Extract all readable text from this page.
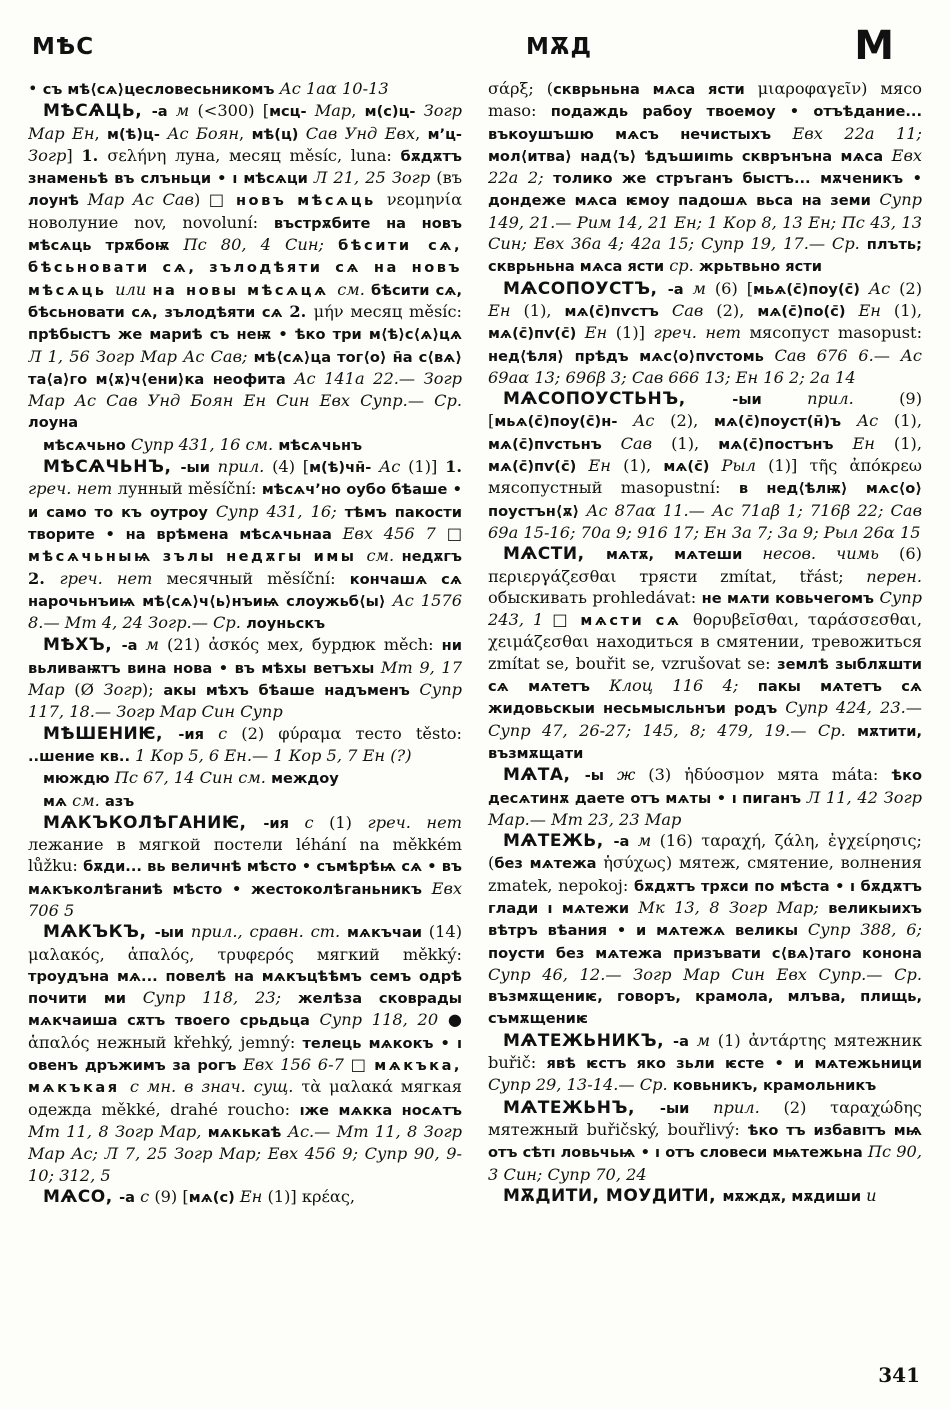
МѢС	МѪД	М

• съ мѣ⟨сѧ⟩цесловесьникомъ Ас 1аα 10-13

МѢСѦЦЬ, -а м (<300) [мсц- Мар, м(с)ц- Зогр Мар Ен, м(ѣ)ц- Ас Боян, мѣ(ц) Сав Унд Евх, м’ц- Зогр] 1. σελήνη луна, месяц měsíc, luna: бѫдѫтъ знаменьѣ въ слъньци • ı мѣсѧци Л 21, 25 Зогр (въ лоунѣ Мар Ас Сав) □ новъ мѣсѧць νεομηνία новолуние nov, novoluní: въстрѫбите на новъ мѣсѧць трѫбоѭ Пс 80, 4 Син; бѣсити сѧ, бѣсьновати сѧ, зълодѣяти сѧ на новъ мѣсѧць или на новы мѣсѧцѧ см. бѣсити сѧ, бѣсьновати сѧ, зълодѣяти сѧ 2. μήν месяц měsíc: прѣбыстъ же мариѣ съ неѭ • ѣко три м⟨ѣ⟩с⟨ѧ⟩цѧ Л 1, 56 Зогр Мар Ас Сав; мѣ⟨сѧ⟩ца тог⟨о⟩ н̄а с⟨вѧ⟩та⟨а⟩го м⟨ѫ⟩ч⟨ени⟩ка неофита Ас 141а 22.— Зогр Мар Ас Сав Унд Боян Ен Син Евх Супр.— Ср. лоуна

мѣсѧчьно Супр 431, 16 см. мѣсѧчьнъ

МѢСѦЧЬНЪ, -ыи прил. (4) [м(ѣ)чн̄- Ас (1)] 1. греч. нет лунный měsíční: мѣсѧч’но оубо бѣаше • и само то къ оутроу Супр 431, 16; тѣмъ пакости творите • на врѣмена мѣсѧчьнаа Евх 456 7 □ мѣсѧчьныѩ зълы недѫгы имы см. недѫгъ 2. греч. нет месячный měsíční: кончашѧ сѧ нарочьнъиѩ мѣ⟨сѧ⟩ч⟨ь⟩нъиѩ слоужьб⟨ы⟩ Ас 1576 8.— Мт 4, 24 Зогр.— Ср. лоуньскъ

МѢХЪ, -а м (21) ἀσκός мех, бурдюк měch: ни вьливаѭтъ вина нова • въ мѣхы ветъхы Мт 9, 17 Мар (Ø Зогр); акы мѣхъ бѣаше надъменъ Супр 117, 18.— Зогр Мар Син Супр

МѢШЕНИѤ, -ия с (2) φύραμα тесто těsto: ..шение кв.. 1 Кор 5, 6 Ен.— 1 Кор 5, 7 Ен (?)

мюждю Пс 67, 14 Син см. междоу

мѧ см. азъ

МѦКЪКОЛѢГАНИѤ, -ия с (1) греч. нет лежание в мягкой постели léhání na měkkém lůžku: бѫди... вь величнѣ мѣсто • съмѣрѣѩ сѧ • въ мѧкъколѣганиѣ мѣсто • жестоколѣганьникъ Евх 706 5

МѦКЪКЪ, -ыи прил., сравн. ст. мѧкъчаи (14) μαλακός, ἁπαλός, τρυφερός мягкий měkký: троудъна мѧ... повелѣ на мѧкъцѣѣмъ семъ одрѣ почити ми Супр 118, 23; желѣза сковрады мѧкчаиша сѫтъ твоего срьдьца Супр 118, 20 ● ἁπαλός нежный křehký, jemný: телець мѧкокъ • ı овенъ дръжимъ за рогъ Евх 156 6-7 □ мѧкъка, мѧкъкая с мн. в знач. сущ. τὰ μαλακά мягкая одежда měkké, drahé roucho: ıже мѧкка носѧтъ Мт 11, 8 Зогр Мар, мѧкькаѣ Ас.— Мт 11, 8 Зогр Мар Ас; Л 7, 25 Зогр Мар; Евх 456 9; Супр 90, 9-10; 312, 5

МѦСО, -а с (9) [мѧ(с) Ен (1)] κρέας,

σάρξ; (скврьньна мѧса ясти μιαροφαγεῖν) мясо maso: подаждь рабоу твоемоу • отъѣдание... въкоушъшю мѧсъ нечистыхъ Евх 22а 11; мол⟨итва⟩ над⟨ъ⟩ ѣдъшиımь скврънъна мѧса Евх 22а 2; толико же стръганъ быстъ... мѫченикъ • дондеже мѧса ѥмоу падошѧ вьса на земи Супр 149, 21.— Рим 14, 21 Ен; 1 Кор 8, 13 Ен; Пс 43, 13 Син; Евх 36а 4; 42а 15; Супр 19, 17.— Ср. плъть; скврьньна мѧса ясти ср. жрьтвьно ясти

МѦСОПОУСТЪ, -а м (6) [мьѧ(с̄)поу(с̄) Ас (2) Ен (1), мѧ(с̄)пѵстъ Сав (2), мѧ(с̄)по(с̄) Ен (1), мѧ(с̄)пѵ(с̄) Ен (1)] греч. нет мясопуст masopust: нед⟨ѣля⟩ прѣдъ мѧс⟨о⟩пѵстомь Сав 676 6.— Ас 69аα 13; 696β 3; Сав 666 13; Ен 16 2; 2а 14

МѦСОПОУСТЬНЪ, -ыи прил. (9) [мьѧ(с̄)поу(с̄)н- Ас (2), мѧ(с̄)поуст(н̄)ъ Ас (1), мѧ(с̄)пѵстьнъ Сав (1), мѧ(с̄)постънъ Ен (1), мѧ(с̄)пѵ(с̄) Ен (1), мѧ(с̄) Рыл (1)] τῆς ἀπόκρεω мясопустный masopustní: в нед⟨ѣлѭ⟩ мѧс⟨о⟩поустън⟨ѫ⟩ Ас 87аα 11.— Ас 71аβ 1; 716β 22; Сав 69а 15-16; 70а 9; 916 17; Ен 3а 7; 3а 9; Рыл 26α 15

МѦСТИ, мѧтѫ, мѧтеши несов. чимь (6) περιεργάζεσθαι трясти zmítat, třást; перен. обыскивать prohledávat: не мѧти ковьчегомъ Супр 243, 1 □ мѧсти сѧ θορυβεῖσθαι, ταράσσεσθαι, χειμάζεσθαι находиться в смятении, тревожиться zmítat se, bouřit se, vzrušovat se: землѣ зыблѫшти сѧ мѧтетъ Клоц 116 4; пакы мѧтетъ сѧ жидовьскыи несьмысльнъи родъ Супр 424, 23.— Супр 47, 26-27; 145, 8; 479, 19.— Ср. мѫтити, възмѫщати

МѦТА, -ы ж (3) ἡδύοσμον мята máta: ѣко десѧтинѫ даете отъ мѧты • ı пиганъ Л 11, 42 Зогр Мар.— Мт 23, 23 Мар

МѦТЕЖЬ, -а м (16) ταραχή, ζάλη, ἐγχείρησις; (без мѧтежа ἡσύχως) мятеж, смятение, волнения zmatek, nepokoj: бѫдѫтъ трѫси по мѣста • ı бѫдѫтъ глади ı мѧтежи Мк 13, 8 Зогр Мар; великыихъ вѣтръ вѣания • и мѧтежѧ великы Супр 388, 6; поусти без мѧтежа призъвати с⟨вѧ⟩таго конона Супр 46, 12.— Зогр Мар Син Евх Супр.— Ср. възмѫщениѥ, говоръ, крамола, млъва, плищь, съмѫщениѥ

МѦТЕЖЬНИКЪ, -а м (1) ἀντάρτης мятежник buřič: явѣ ѥстъ яко зьли ѥсте • и мѧтежьници Супр 29, 13-14.— Ср. ковьникъ, крамольникъ

МѦТЕЖЬНЪ, -ыи прил. (2) ταραχώδης мятежный buřičský, bouřlivý: ѣко тъ избавıтъ мѩ отъ сѣтı ловьчьѩ • ı отъ словеси мѩтежьна Пс 90, 3 Син; Супр 70, 24

МѪДИТИ, МОУДИТИ, мѫждѫ, мѫдиши и

341
